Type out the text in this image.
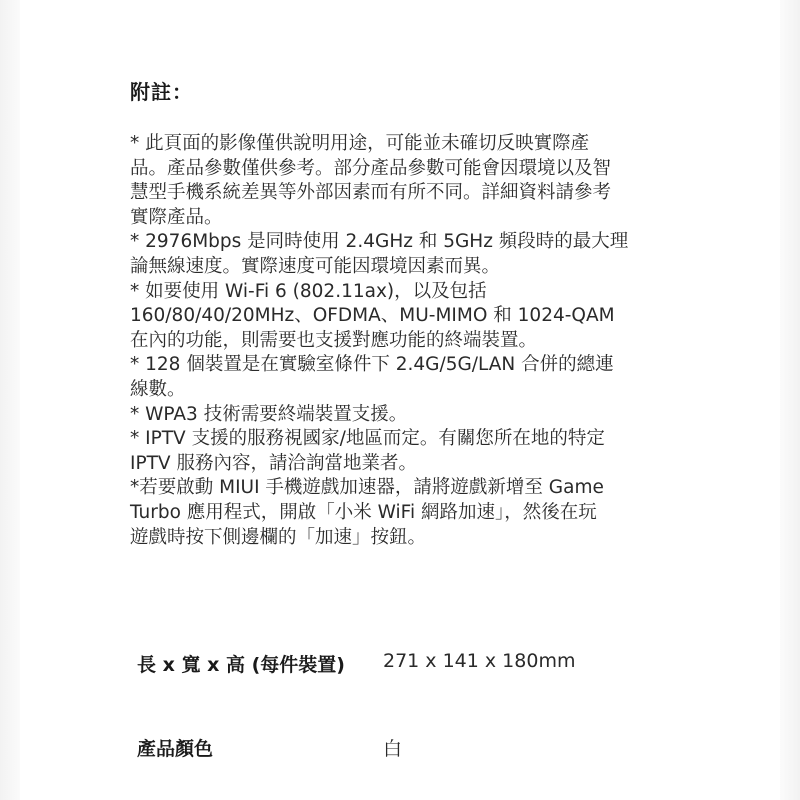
附註：
* 此頁面的影像僅供說明用途，可能並未確切反映實際產
品。產品參數僅供參考。部分產品參數可能會因環境以及智
慧型手機系統差異等外部因素而有所不同。詳細資料請參考
實際產品。
* 2976Mbps 是同時使用 2.4GHz 和 5GHz 頻段時的最大理
論無線速度。實際速度可能因環境因素而異。
* 如要使用 Wi-Fi 6 (802.11ax)，以及包括
160/80/40/20MHz、OFDMA、MU-MIMO 和 1024-QAM
在內的功能，則需要也支援對應功能的終端裝置。
* 128 個裝置是在實驗室條件下 2.4G/5G/LAN 合併的總連
線數。
* WPA3 技術需要終端裝置支援。
* IPTV 支援的服務視國家/地區而定。有關您所在地的特定
IPTV 服務內容，請洽詢當地業者。
*若要啟動 MIUI 手機遊戲加速器，請將遊戲新增至 Game
Turbo 應用程式，開啟「小米 WiFi 網路加速」，然後在玩
遊戲時按下側邊欄的「加速」按鈕。
長 x 寬 x 高 (每件裝置) 271 x 141 x 180mm
產品顏色	白
